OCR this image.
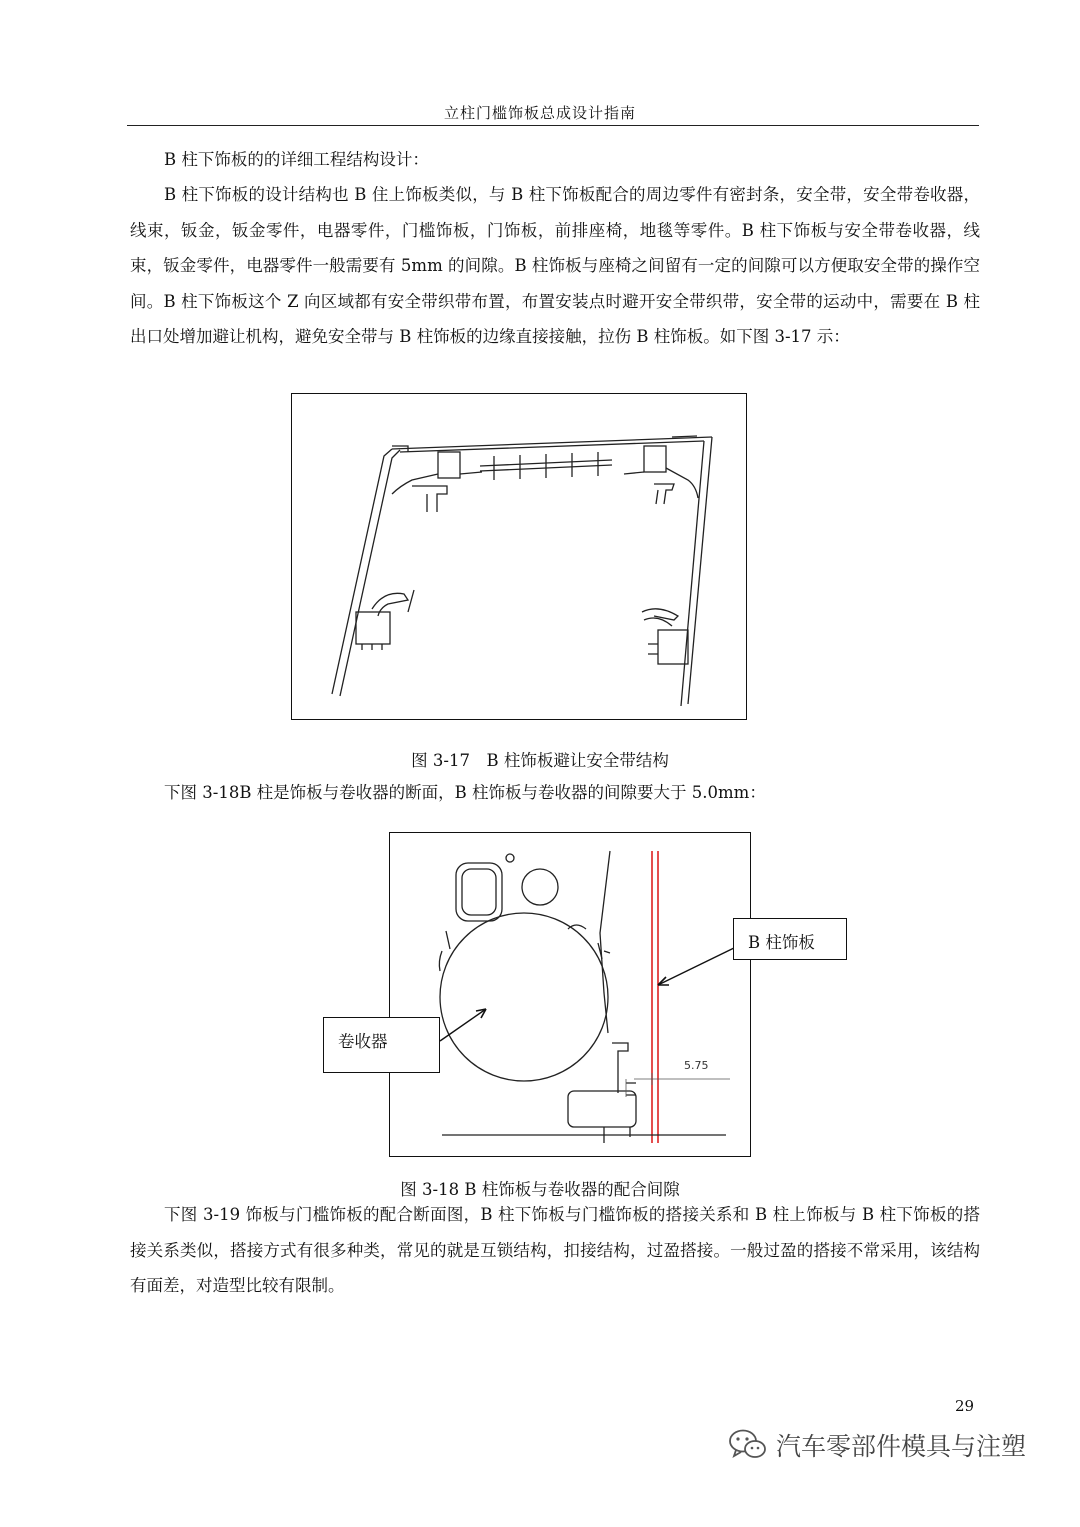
立柱门槛饰板总成设计指南

B 柱下饰板的的详细工程结构设计：

B 柱下饰板的设计结构也 B 住上饰板类似，与 B 柱下饰板配合的周边零件有密封条，安全带，安全带卷收器，线束，钣金，钣金零件，电器零件，门槛饰板，门饰板，前排座椅，地毯等零件。B 柱下饰板与安全带卷收器，线束，钣金零件，电器零件一般需要有 5mm 的间隙。B 柱饰板与座椅之间留有一定的间隙可以方便取安全带的操作空间。B 柱下饰板这个 Z 向区域都有安全带织带布置，布置安装点时避开安全带织带，安全带的运动中，需要在 B 柱出口处增加避让机构，避免安全带与 B 柱饰板的边缘直接接触，拉伤 B 柱饰板。如下图 3-17 示：

图 3-17　B 柱饰板避让安全带结构

下图 3-18B 柱是饰板与卷收器的断面，B 柱饰板与卷收器的间隙要大于 5.0mm：

5.75
B 柱饰板
卷收器
图 3-18 B 柱饰板与卷收器的配合间隙

下图 3-19 饰板与门槛饰板的配合断面图，B 柱下饰板与门槛饰板的搭接关系和 B 柱上饰板与 B 柱下饰板的搭接关系类似，搭接方式有很多种类，常见的就是互锁结构，扣接结构，过盈搭接。一般过盈的搭接不常采用，该结构有面差，对造型比较有限制。

29
汽车零部件模具与注塑
